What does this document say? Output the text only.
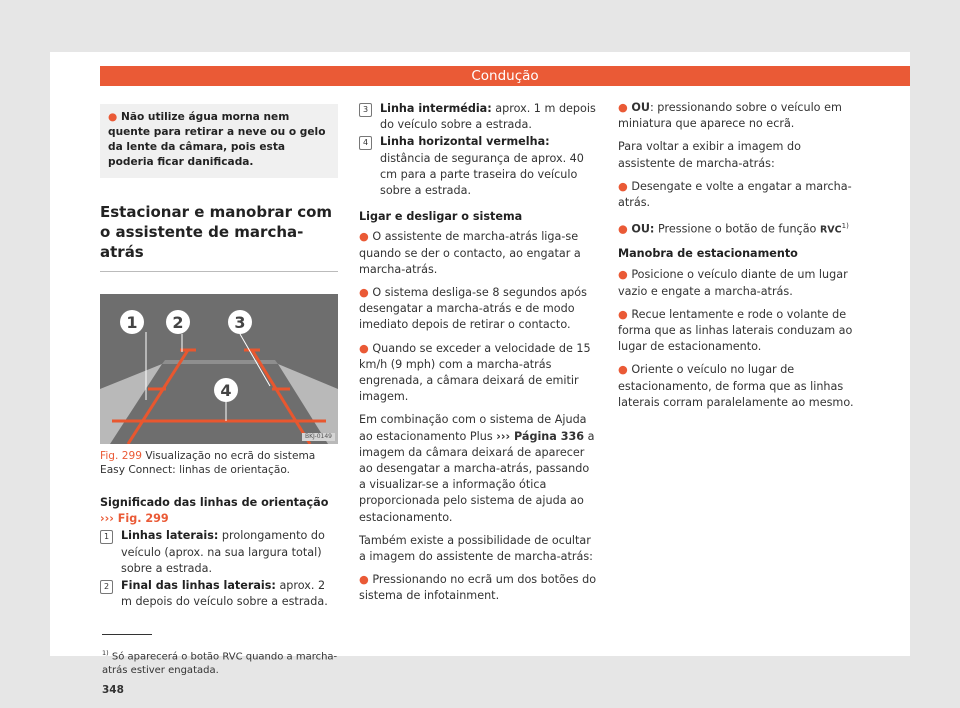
Condução
● Não utilize água morna nem quente para retirar a neve ou o gelo da lente da câmara, pois esta poderia ficar danificada.
Estacionar e manobrar com o assistente de marcha-atrás
1 2	3
4
BKJ-0149
Fig. 299 Visualização no ecrã do sistema Easy Connect: linhas de orientação.
Significado das linhas de orientação
››› Fig. 299
1	Linhas laterais: prolongamento do veículo (aprox. na sua largura total) sobre a estrada.
2	Final das linhas laterais: aprox. 2 m depois do veículo sobre a estrada.
3	Linha intermédia: aprox. 1 m depois do veículo sobre a estrada.
4	Linha horizontal vermelha: distância de segurança de aprox. 40 cm para a parte traseira do veículo sobre a estrada.
Ligar e desligar o sistema

● O assistente de marcha-atrás liga-se quando se der o contacto, ao engatar a marcha-atrás.

● O sistema desliga-se 8 segundos após desengatar a marcha-atrás e de modo imediato depois de retirar o contacto.

● Quando se exceder a velocidade de 15 km/h (9 mph) com a marcha-atrás engrenada, a câmara deixará de emitir imagem.

Em combinação com o sistema de Ajuda ao estacionamento Plus ››› Página 336 a imagem da câmara deixará de aparecer ao desengatar a marcha-atrás, passando a visualizar-se a informação ótica proporcionada pelo sistema de ajuda ao estacionamento.

Também existe a possibilidade de ocultar a imagem do assistente de marcha-atrás:

● Pressionando no ecrã um dos botões do sistema de infotainment.

● OU: pressionando sobre o veículo em miniatura que aparece no ecrã.

Para voltar a exibir a imagem do assistente de marcha-atrás:

● Desengate e volte a engatar a marcha-atrás.

● OU: Pressione o botão de função RVC$^{1)}$

Manobra de estacionamento

● Posicione o veículo diante de um lugar vazio e engate a marcha-atrás.

● Recue lentamente e rode o volante de forma que as linhas laterais conduzam ao lugar de estacionamento.

● Oriente o veículo no lugar de estacionamento, de forma que as linhas laterais corram paralelamente ao mesmo.

$^{1)}$ Só aparecerá o botão RVC quando a marcha-atrás estiver engatada.
348
